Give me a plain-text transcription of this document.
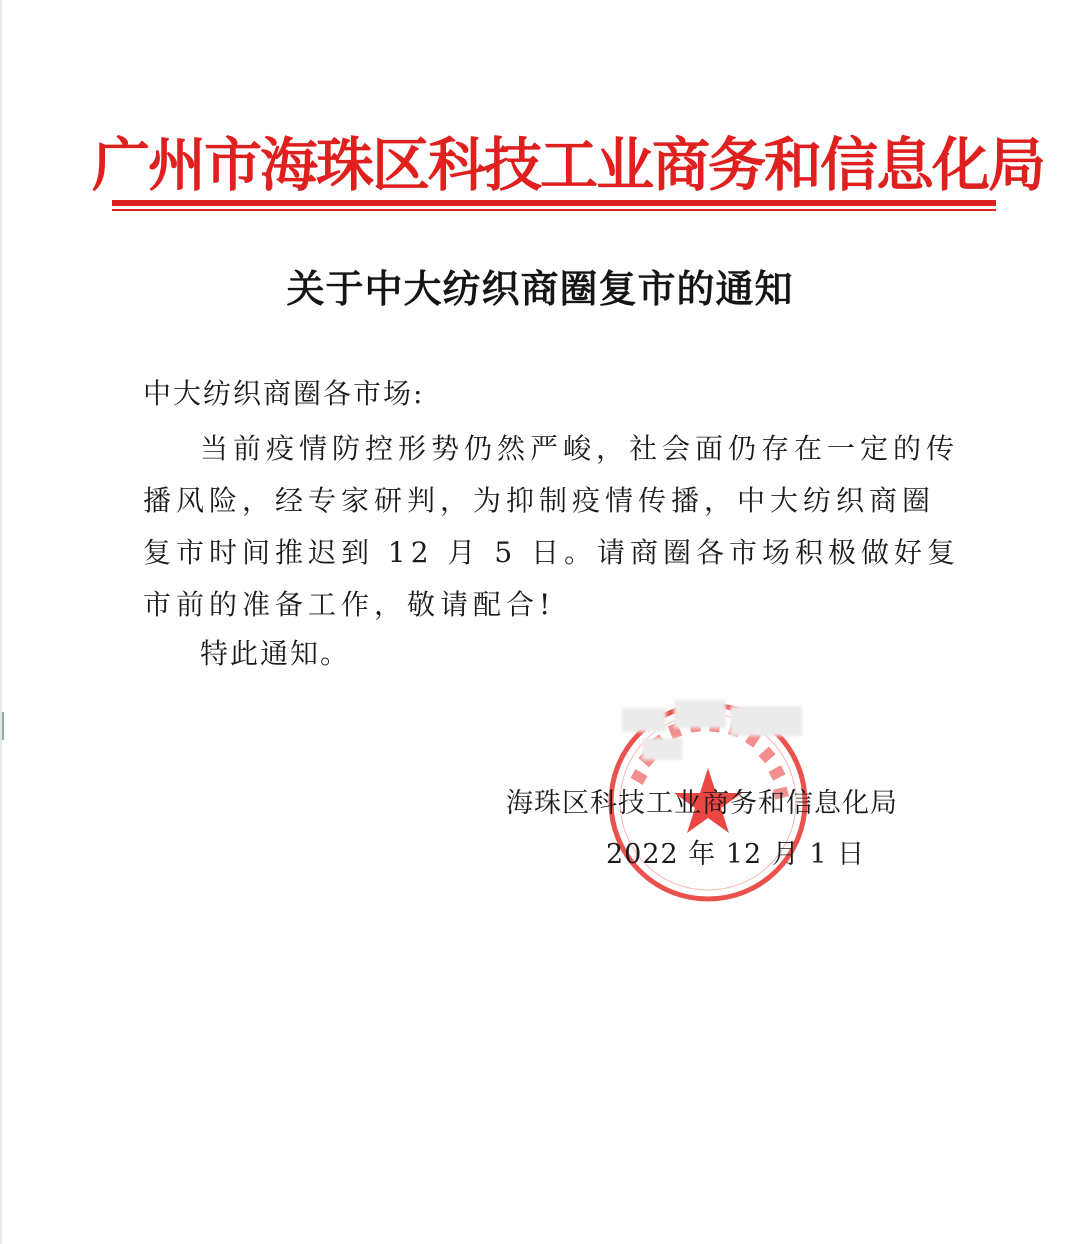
广州市海珠区科技工业商务和信息化局
关于中大纺织商圈复市的通知
中大纺织商圈各市场:
当前疫情防控形势仍然严峻，社会面仍存在一定的传播风险，经专家研判，为抑制疫情传播，中大纺织商圈复市时间推迟到 12 月 5 日。请商圈各市场积极做好复市前的准备工作，敬请配合!
特此通知。
海珠区科技工业商务和信息化局
2022 年 12 月 1 日
